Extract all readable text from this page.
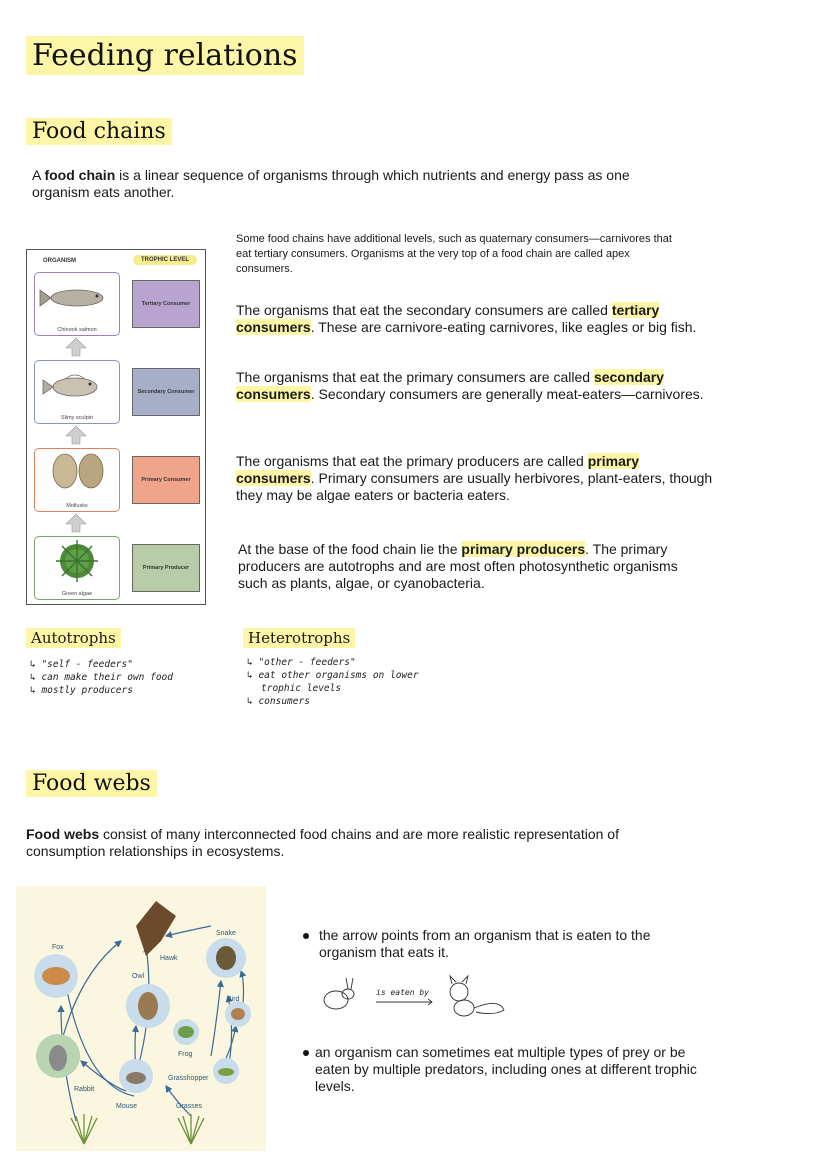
Feeding relations
Food chains

A food chain is a linear sequence of organisms through which nutrients and energy pass as one organism eats another.

ORGANISM	TROPHIC LEVEL
Chinook salmon
Tertiary Consumer
Slimy sculpin
Secondary Consumer
Mollusks
Primary Consumer
Green algae
Primary Producer

Some food chains have additional levels, such as quaternary consumers—carnivores that eat tertiary consumers. Organisms at the very top of a food chain are called apex consumers.

The organisms that eat the secondary consumers are called tertiary consumers. These are carnivore-eating carnivores, like eagles or big fish.

The organisms that eat the primary consumers are called secondary consumers. Secondary consumers are generally meat-eaters—carnivores.

The organisms that eat the primary producers are called primary consumers. Primary consumers are usually herbivores, plant-eaters, though they may be algae eaters or bacteria eaters.

At the base of the food chain lie the primary producers. The primary producers are autotrophs and are most often photosynthetic organisms such as plants, algae, or cyanobacteria.

Autotrophs

↳ "self - feeders"

↳ can make their own food

↳ mostly producers

Heterotrophs

↳ "other - feeders"

↳ eat other organisms on lower

trophic levels

↳ consumers

Food webs

Food webs consist of many interconnected food chains and are more realistic representation of consumption relationships in ecosystems.

Fox
Hawk
Snake
Owl
Bird
Frog
Grasshopper
Rabbit
Mouse	Grasses
the arrow points from an organism that is eaten to the organism that eats it.
is eaten by
an organism can sometimes eat multiple types of prey or be eaten by multiple predators, including ones at different trophic levels.
